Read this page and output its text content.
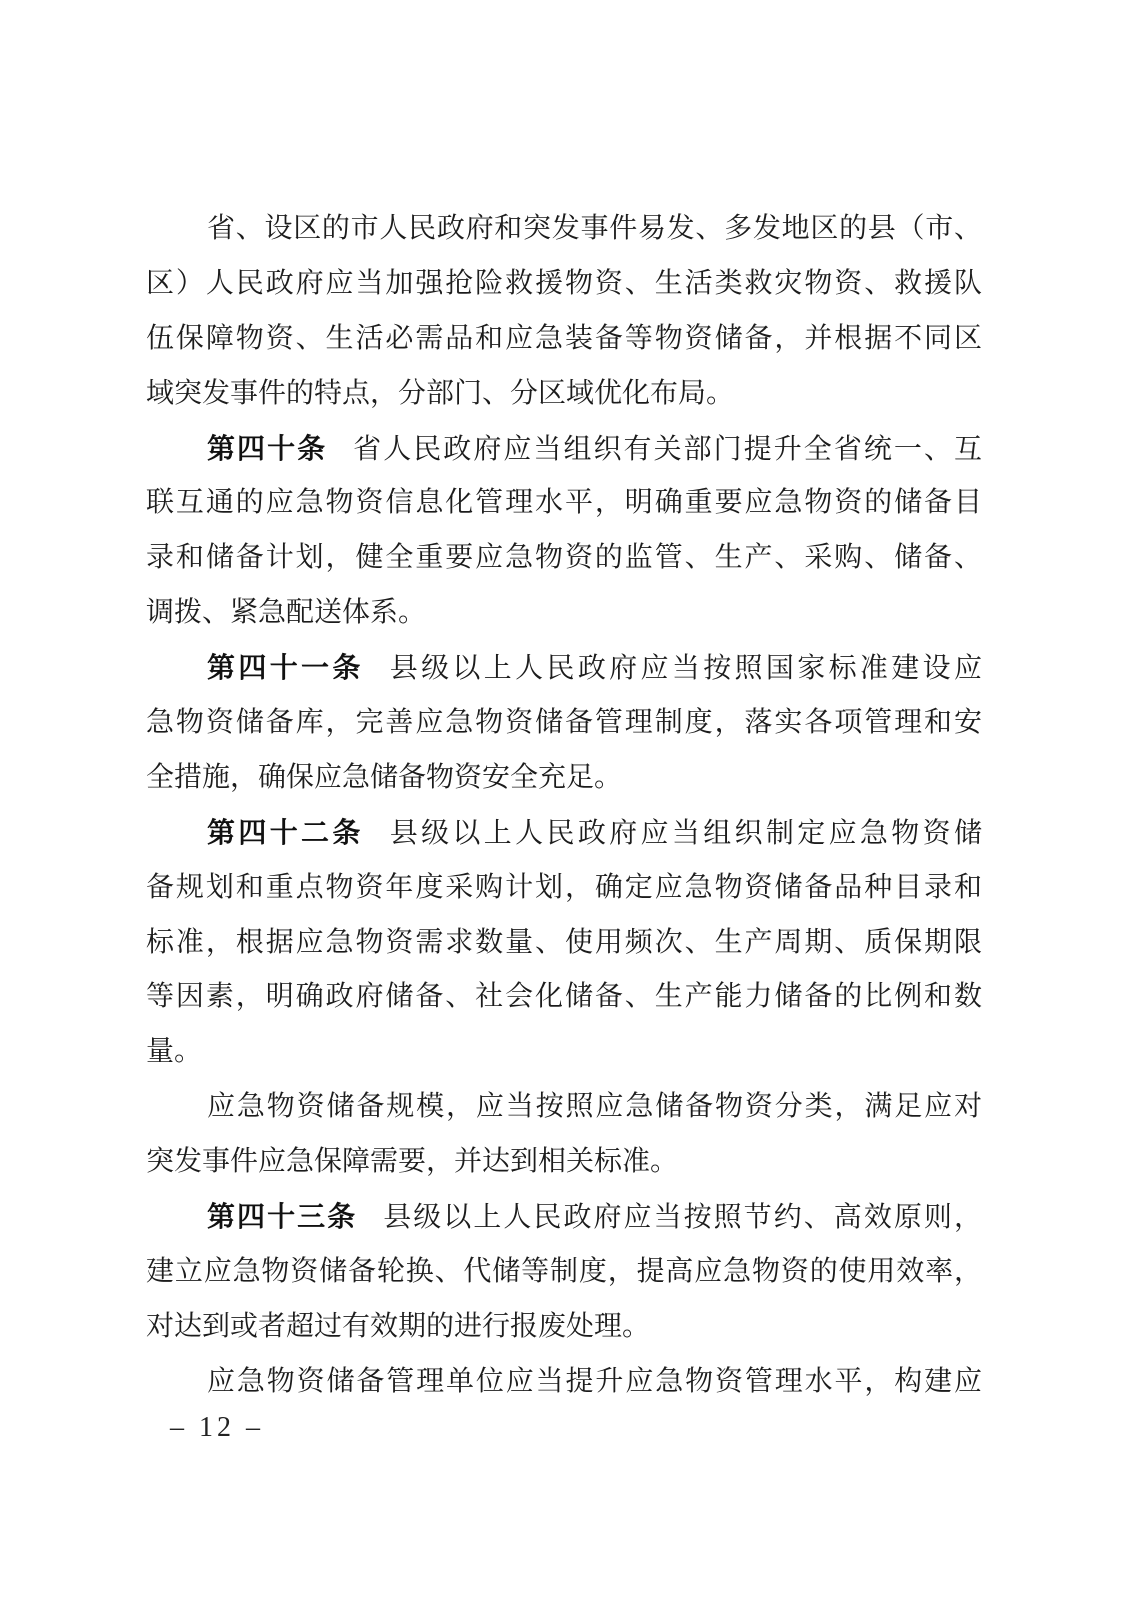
省、设区的市人民政府和突发事件易发、多发地区的县（市、
区）人民政府应当加强抢险救援物资、生活类救灾物资、救援队
伍保障物资、生活必需品和应急装备等物资储备，并根据不同区
域突发事件的特点，分部门、分区域优化布局。
第四十条 省人民政府应当组织有关部门提升全省统一、互
联互通的应急物资信息化管理水平，明确重要应急物资的储备目
录和储备计划，健全重要应急物资的监管、生产、采购、储备、
调拨、紧急配送体系。
第四十一条 县级以上人民政府应当按照国家标准建设应
急物资储备库，完善应急物资储备管理制度，落实各项管理和安
全措施，确保应急储备物资安全充足。
第四十二条 县级以上人民政府应当组织制定应急物资储
备规划和重点物资年度采购计划，确定应急物资储备品种目录和
标准，根据应急物资需求数量、使用频次、生产周期、质保期限
等因素，明确政府储备、社会化储备、生产能力储备的比例和数
量。
应急物资储备规模，应当按照应急储备物资分类，满足应对
突发事件应急保障需要，并达到相关标准。
第四十三条 县级以上人民政府应当按照节约、高效原则，
建立应急物资储备轮换、代储等制度，提高应急物资的使用效率，
对达到或者超过有效期的进行报废处理。
应急物资储备管理单位应当提升应急物资管理水平，构建应
– 12 –
